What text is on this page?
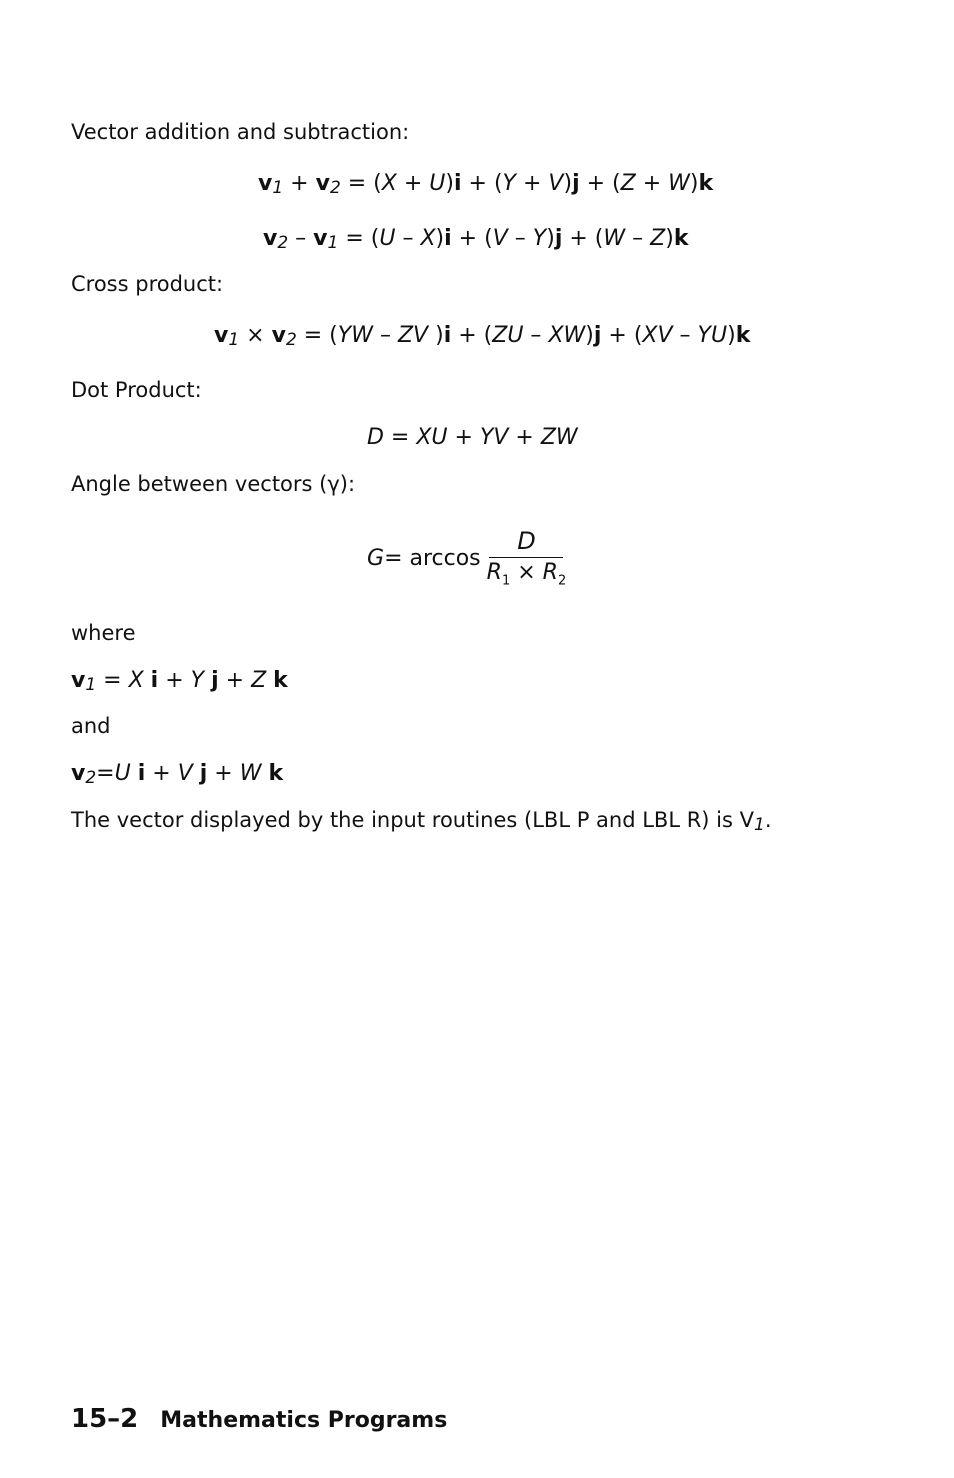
Vector addition and subtraction:

v1 + v2 = (X + U)i + (Y + V)j + (Z + W)k
v2 – v1 = (U – X)i + (V – Y)j + (W – Z)k

Cross product:

v1 × v2 = (YW – ZV )i + (ZU – XW)j + (XV – YU)k

Dot Product:

D = XU + YV + ZW

Angle between vectors (γ):

$G = \arccos \frac{D}{R_1 \times R_2}$

where

v1 = X i + Y j + Z k

and

v2=U i + V j + W k

The vector displayed by the input routines (LBL P and LBL R) is V1.

15–2 Mathematics Programs
